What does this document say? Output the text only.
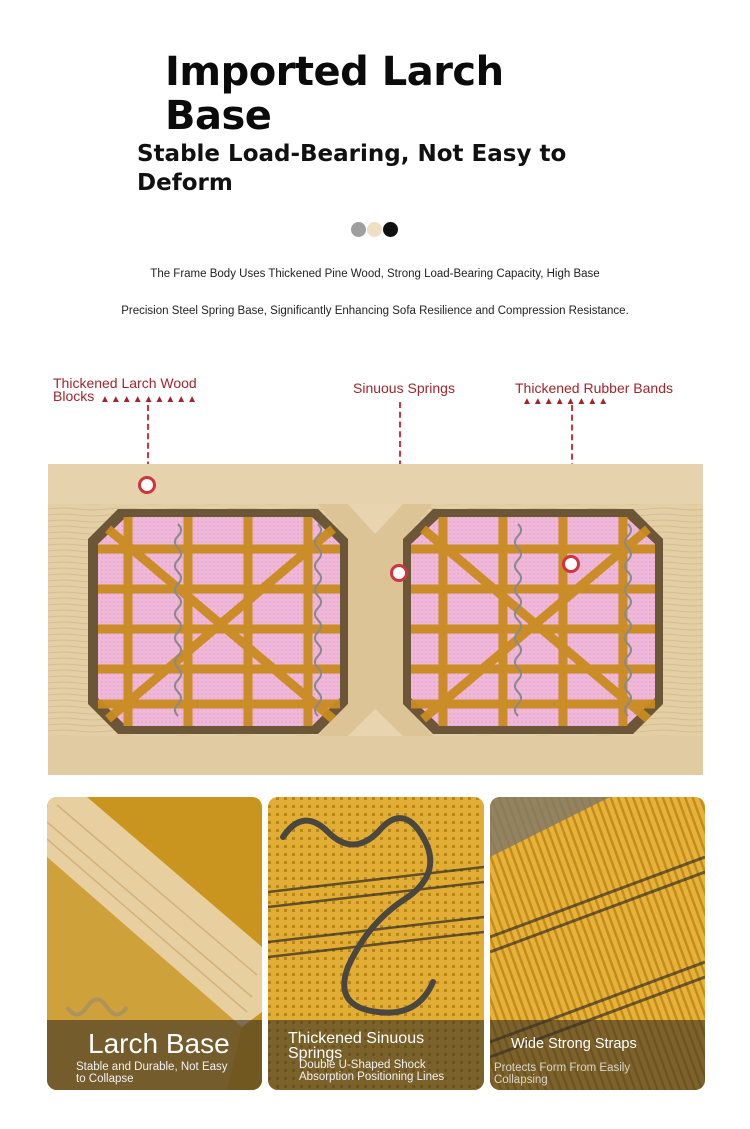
Imported Larch Base
Stable Load-Bearing, Not Easy to Deform
The Frame Body Uses Thickened Pine Wood, Strong Load-Bearing Capacity, High Base
Precision Steel Spring Base, Significantly Enhancing Sofa Resilience and Compression Resistance.
Thickened Larch Wood Blocks ▲▲▲▲▲▲▲▲▲
Sinuous Springs	Thickened Rubber Bands
▲▲▲▲▲▲▲▲
Larch Base
Stable and Durable, Not Easy to Collapse
Thickened Sinuous Springs
Double U-Shaped Shock Absorption Positioning Lines
Wide Strong Straps
Protects Form From Easily Collapsing
